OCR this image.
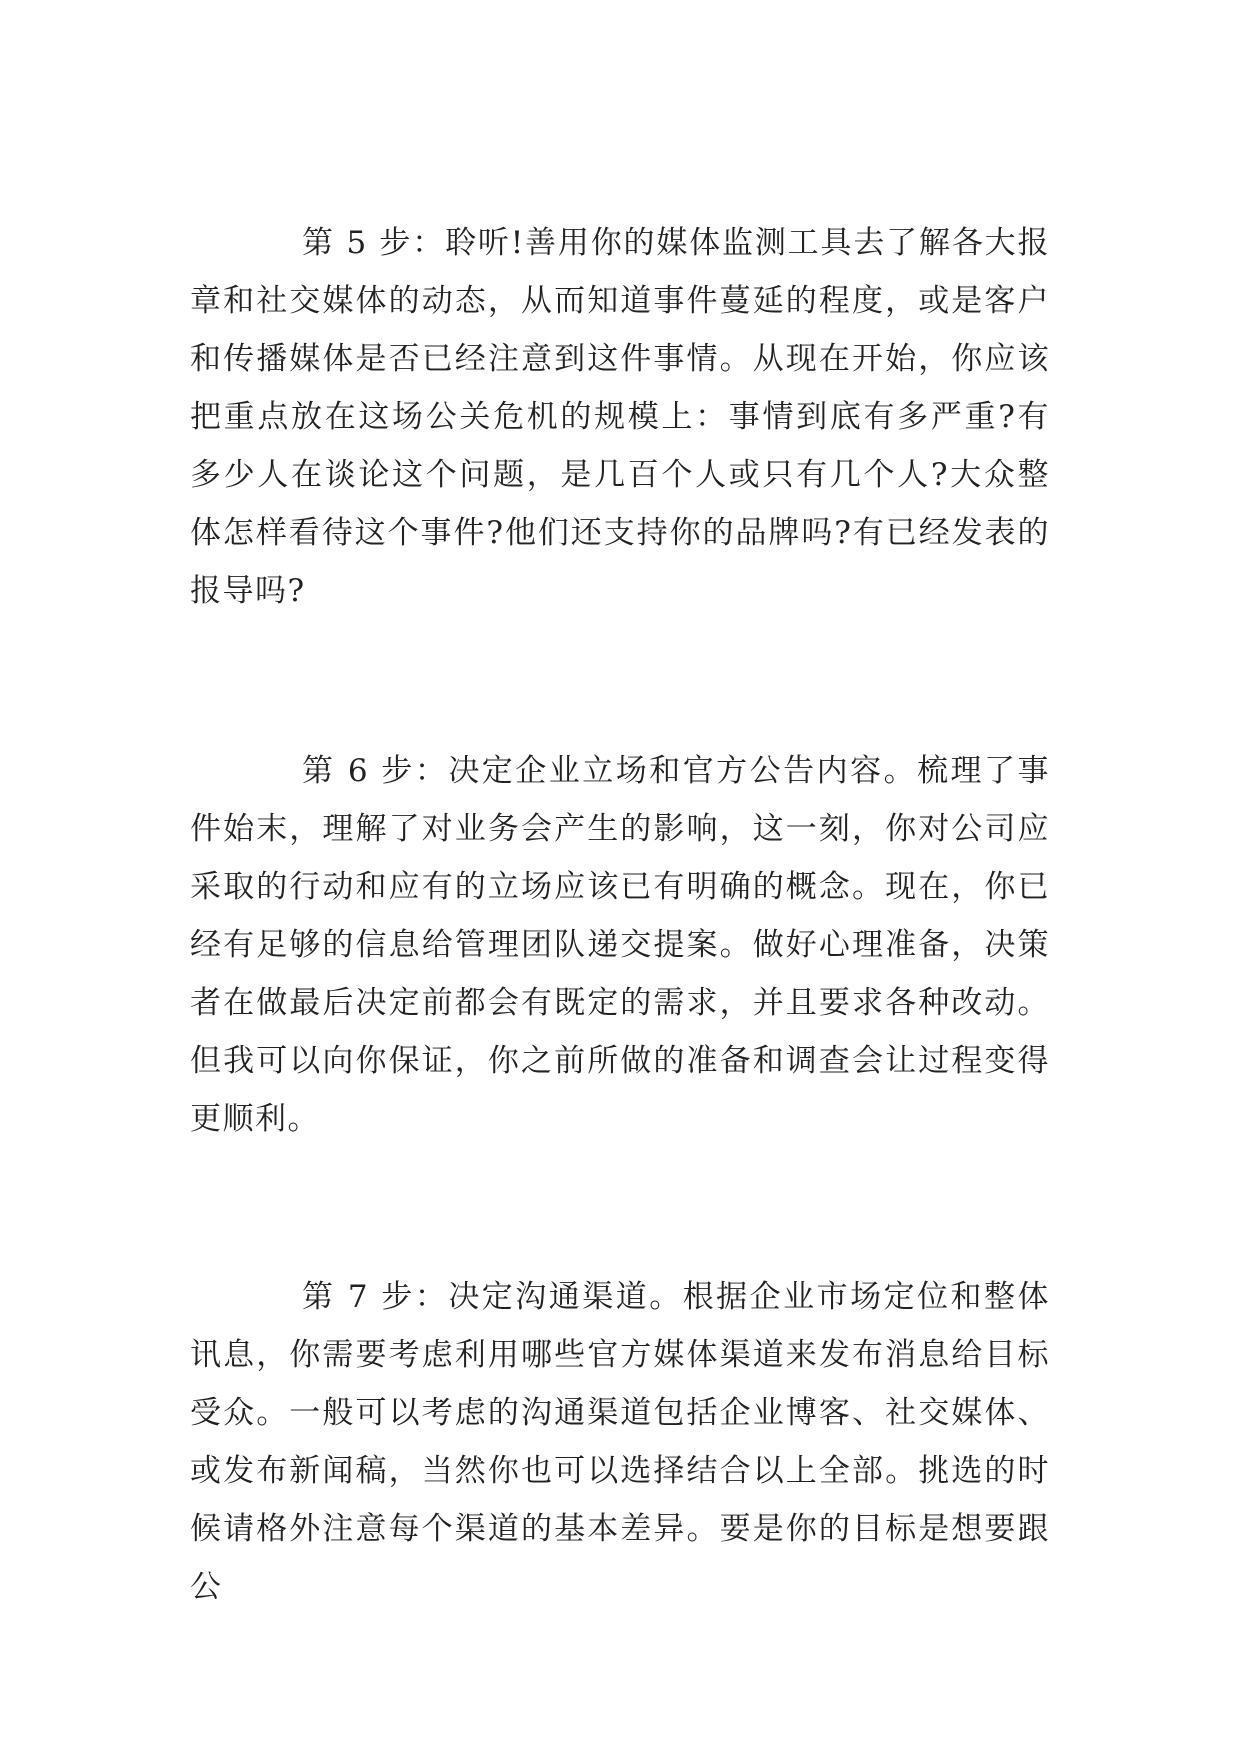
第 5 步：聆听!善用你的媒体监测工具去了解各大报章和社交媒体的动态，从而知道事件蔓延的程度，或是客户和传播媒体是否已经注意到这件事情。从现在开始，你应该把重点放在这场公关危机的规模上：事情到底有多严重?有多少人在谈论这个问题，是几百个人或只有几个人?大众整体怎样看待这个事件?他们还支持你的品牌吗?有已经发表的报导吗?

第 6 步：决定企业立场和官方公告内容。梳理了事件始末，理解了对业务会产生的影响，这一刻，你对公司应采取的行动和应有的立场应该已有明确的概念。现在，你已经有足够的信息给管理团队递交提案。做好心理准备，决策者在做最后决定前都会有既定的需求，并且要求各种改动。但我可以向你保证，你之前所做的准备和调查会让过程变得更顺利。

第 7 步：决定沟通渠道。根据企业市场定位和整体讯息，你需要考虑利用哪些官方媒体渠道来发布消息给目标受众。一般可以考虑的沟通渠道包括企业博客、社交媒体、或发布新闻稿，当然你也可以选择结合以上全部。挑选的时候请格外注意每个渠道的基本差异。要是你的目标是想要跟公
